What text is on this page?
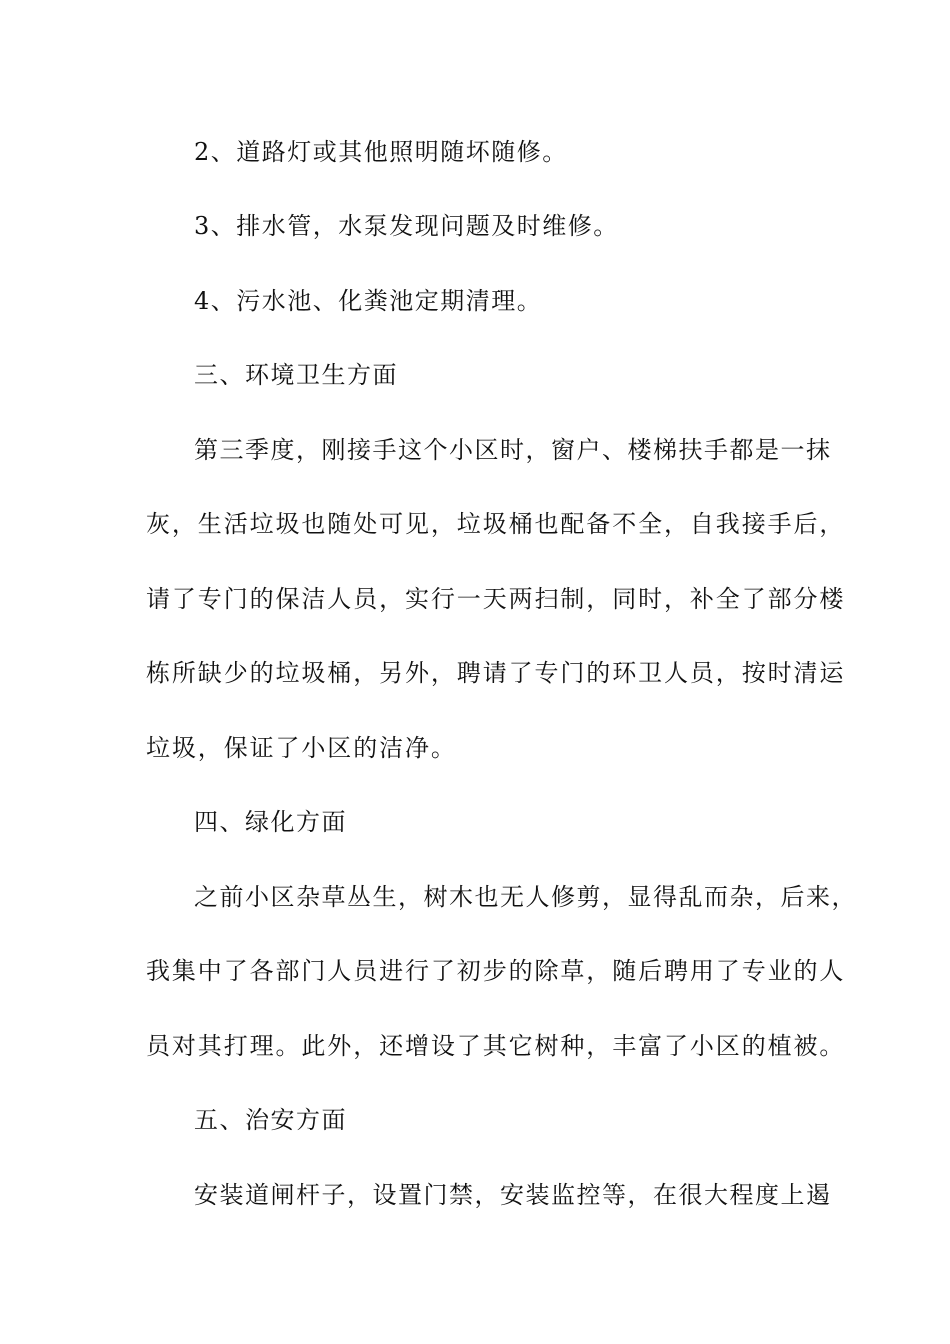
2、道路灯或其他照明随坏随修。
3、排水管，水泵发现问题及时维修。
4、污水池、化粪池定期清理。
三、环境卫生方面
第三季度，刚接手这个小区时，窗户、楼梯扶手都是一抹
灰，生活垃圾也随处可见，垃圾桶也配备不全，自我接手后，
请了专门的保洁人员，实行一天两扫制，同时，补全了部分楼
栋所缺少的垃圾桶，另外，聘请了专门的环卫人员，按时清运
垃圾，保证了小区的洁净。
四、绿化方面
之前小区杂草丛生，树木也无人修剪，显得乱而杂，后来，
我集中了各部门人员进行了初步的除草，随后聘用了专业的人
员对其打理。此外，还增设了其它树种，丰富了小区的植被。
五、治安方面
安装道闸杆子，设置门禁，安装监控等，在很大程度上遏
